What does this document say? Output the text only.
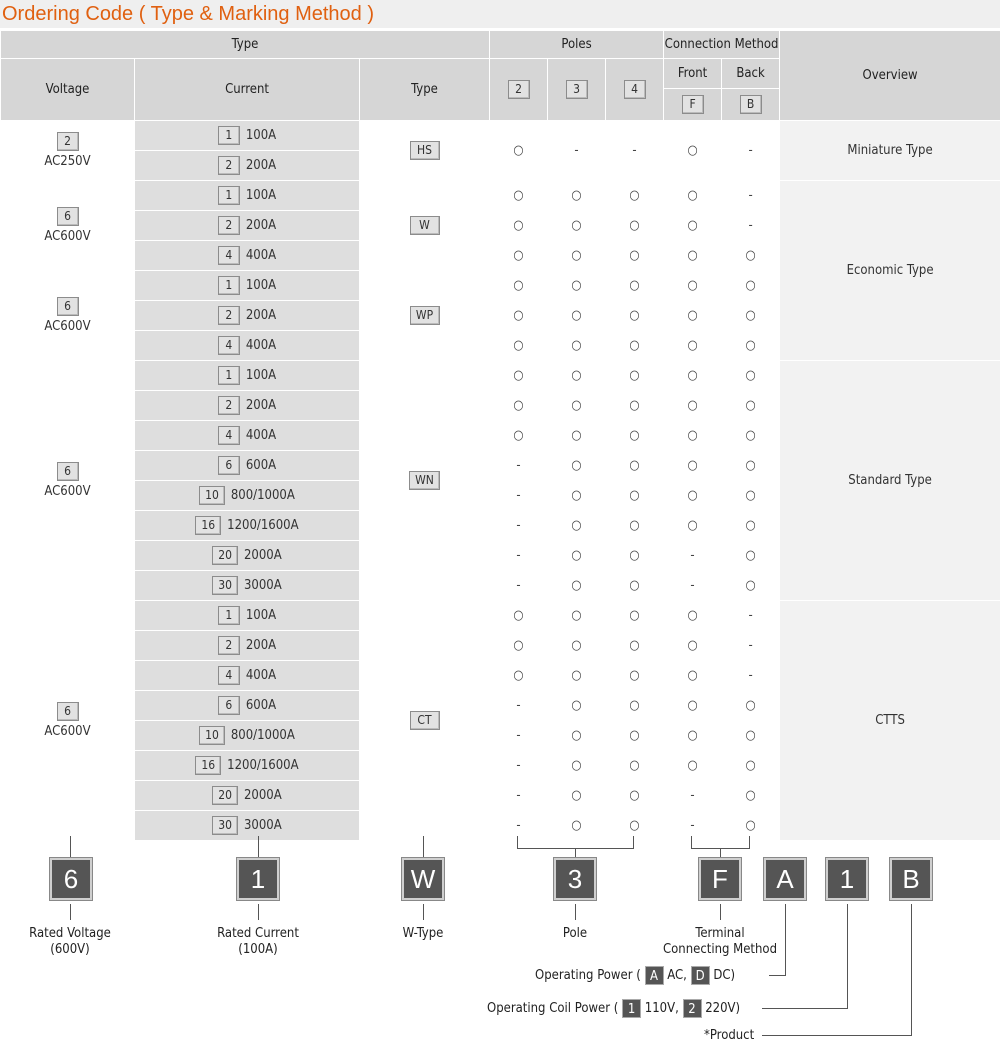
Ordering Code ( Type & Marking Method )
Type			Poles			Connection Method		Overview
Voltage	Current	Type	2	3	4	Front	Back	
						F	B	

2
AC250V	1 100A	HS	○	-	-	○	-	Miniature Type
	2 200A							

6
AC600V	1 100A	W	○	○	○	○	-	Economic Type
	2 200A		○	○	○	○	-	
	4 400A		○	○	○	○	○	

6
AC600V	1 100A	WP	○	○	○	○	○	
	2 200A		○	○	○	○	○	
	4 400A		○	○	○	○	○	

6
AC600V	1 100A	WN	○	○	○	○	○	Standard Type
	2 200A		○	○	○	○	○	
	4 400A		○	○	○	○	○	
	6 600A		-	○	○	○	○	
	10 800/1000A		-	○	○	○	○	
	16 1200/1600A		-	○	○	○	○	
	20 2000A		-	○	○	-	○	
	30 3000A		-	○	○	-	○	

6
AC600V	1 100A	CT	○	○	○	○	-	CTTS
	2 200A		○	○	○	○	-	
	4 400A		○	○	○	○	-	
	6 600A		-	○	○	○	○	
	10 800/1000A		-	○	○	○	○	
	16 1200/1600A		-	○	○	○	○	
	20 2000A		-	○	○	-	○	
	30 3000A		-	○	○	-	○	
6	1	W	3	F	A	1	B
Rated Voltage
(600V)
Rated Current
(100A)
W-Type	Pole	Terminal
Connecting Method
Operating Power ( A AC, D DC)
Operating Coil Power ( 1 110V, 2 220V)
*Product
